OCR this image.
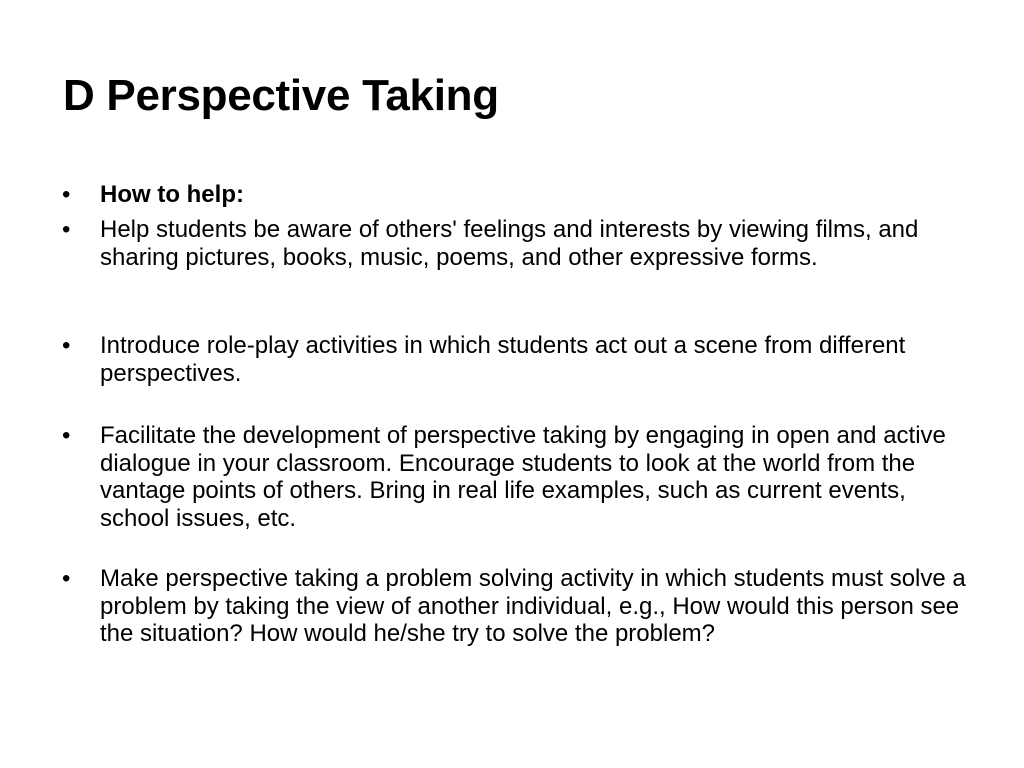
D Perspective Taking
• How to help:
• Help students be aware of others' feelings and interests by viewing films, and sharing pictures, books, music, poems, and other expressive forms.
• Introduce role-play activities in which students act out a scene from different perspectives.
• Facilitate the development of perspective taking by engaging in open and active dialogue in your classroom. Encourage students to look at the world from the vantage points of others. Bring in real life examples, such as current events, school issues, etc.
• Make perspective taking a problem solving activity in which students must solve a problem by taking the view of another individual, e.g., How would this person see the situation? How would he/she try to solve the problem?
